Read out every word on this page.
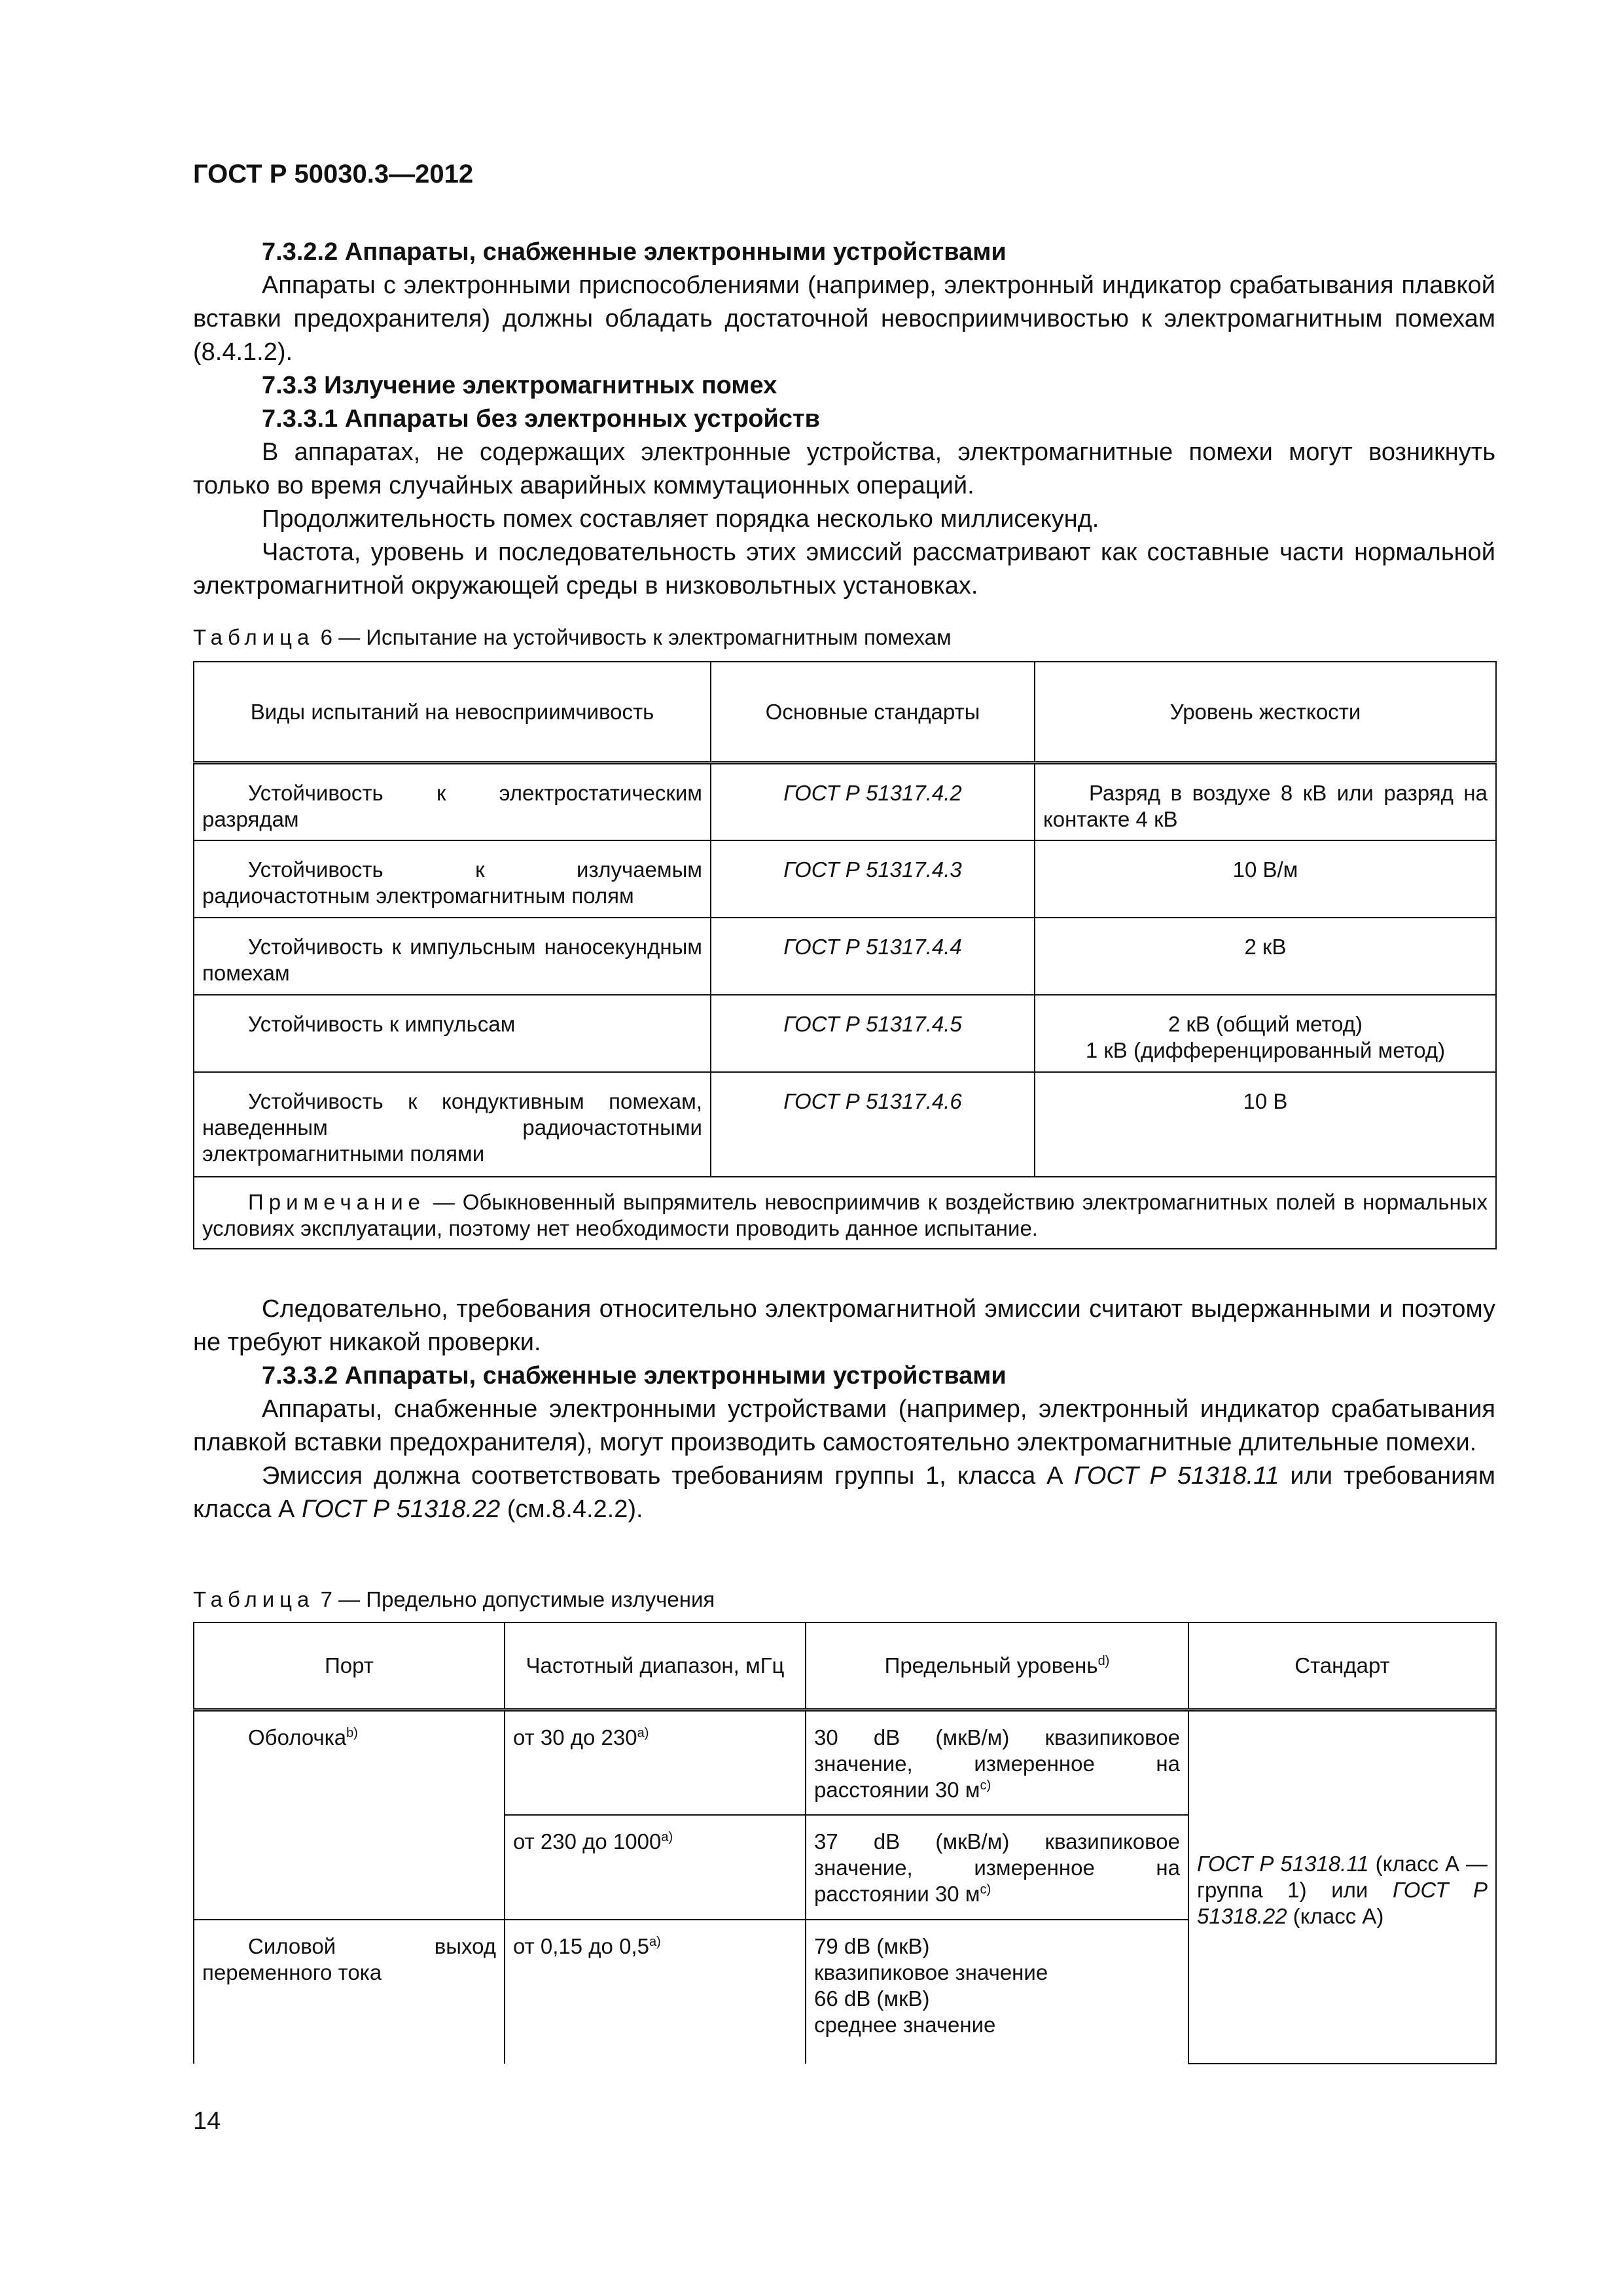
ГОСТ Р 50030.3—2012

7.3.2.2 Аппараты, снабженные электронными устройствами

Аппараты с электронными приспособлениями (например, электронный индикатор срабатывания плавкой вставки предохранителя) должны обладать достаточной невосприимчивостью к электромагнитным помехам (8.4.1.2).

7.3.3 Излучение электромагнитных помех

7.3.3.1 Аппараты без электронных устройств

В аппаратах, не содержащих электронные устройства, электромагнитные помехи могут возникнуть только во время случайных аварийных коммутационных операций.

Продолжительность помех составляет порядка несколько миллисекунд.

Частота, уровень и последовательность этих эмиссий рассматривают как составные части нормальной электромагнитной окружающей среды в низковольтных установках.

Таблица 6 — Испытание на устойчивость к электромагнитным помехам
Виды испытаний на невосприимчивость	Основные стандарты	Уровень жесткости
Устойчивость к электростатическим разрядам	ГОСТ Р 51317.4.2	Разряд в воздухе 8 кВ или разряд на контакте 4 кВ
Устойчивость к излучаемым радиочастотным электромагнитным полям	ГОСТ Р 51317.4.3	10 В/м
Устойчивость к импульсным наносекундным помехам	ГОСТ Р 51317.4.4	2 кВ
Устойчивость к импульсам	ГОСТ Р 51317.4.5	2 кВ (общий метод)
1 кВ (дифференцированный метод)

Устойчивость к кондуктивным помехам, наведенным радиочастотными электромагнитными полями	ГОСТ Р 51317.4.6	10 В
Примечание — Обыкновенный выпрямитель невосприимчив к воздействию электромагнитных полей в нормальных условиях эксплуатации, поэтому нет необходимости проводить данное испытание.		

Следовательно, требования относительно электромагнитной эмиссии считают выдержанными и поэтому не требуют никакой проверки.

7.3.3.2 Аппараты, снабженные электронными устройствами

Аппараты, снабженные электронными устройствами (например, электронный индикатор срабатывания плавкой вставки предохранителя), могут производить самостоятельно электромагнитные длительные помехи.

Эмиссия должна соответствовать требованиям группы 1, класса А ГОСТ Р 51318.11 или требованиям класса А ГОСТ Р 51318.22 (см.8.4.2.2).

Таблица 7 — Предельно допустимые излучения
Порт	Частотный диапазон, мГц	Предельный уровень$^{d)}$	Стандарт
Оболочка$^{b)}$	от 30 до 230$^{a)}$	30 dB (мкВ/м) квазипиковое значение, измеренное на расстоянии 30 $м^{c)}$	ГОСТ Р 51318.11 (класс А — группа 1) или ГОСТ Р 51318.22 (класс А)
	от 230 до 1000$^{a)}$	37 dB (мкВ/м) квазипиковое значение, измеренное на расстоянии 30 $м^{c)}$
Силовой выход переменного тока	от 0,15 до 0,5$^{a)}$	79 dB (мкВ)
квазипиковое значение
66 dB (мкВ)
среднее значение	
14
